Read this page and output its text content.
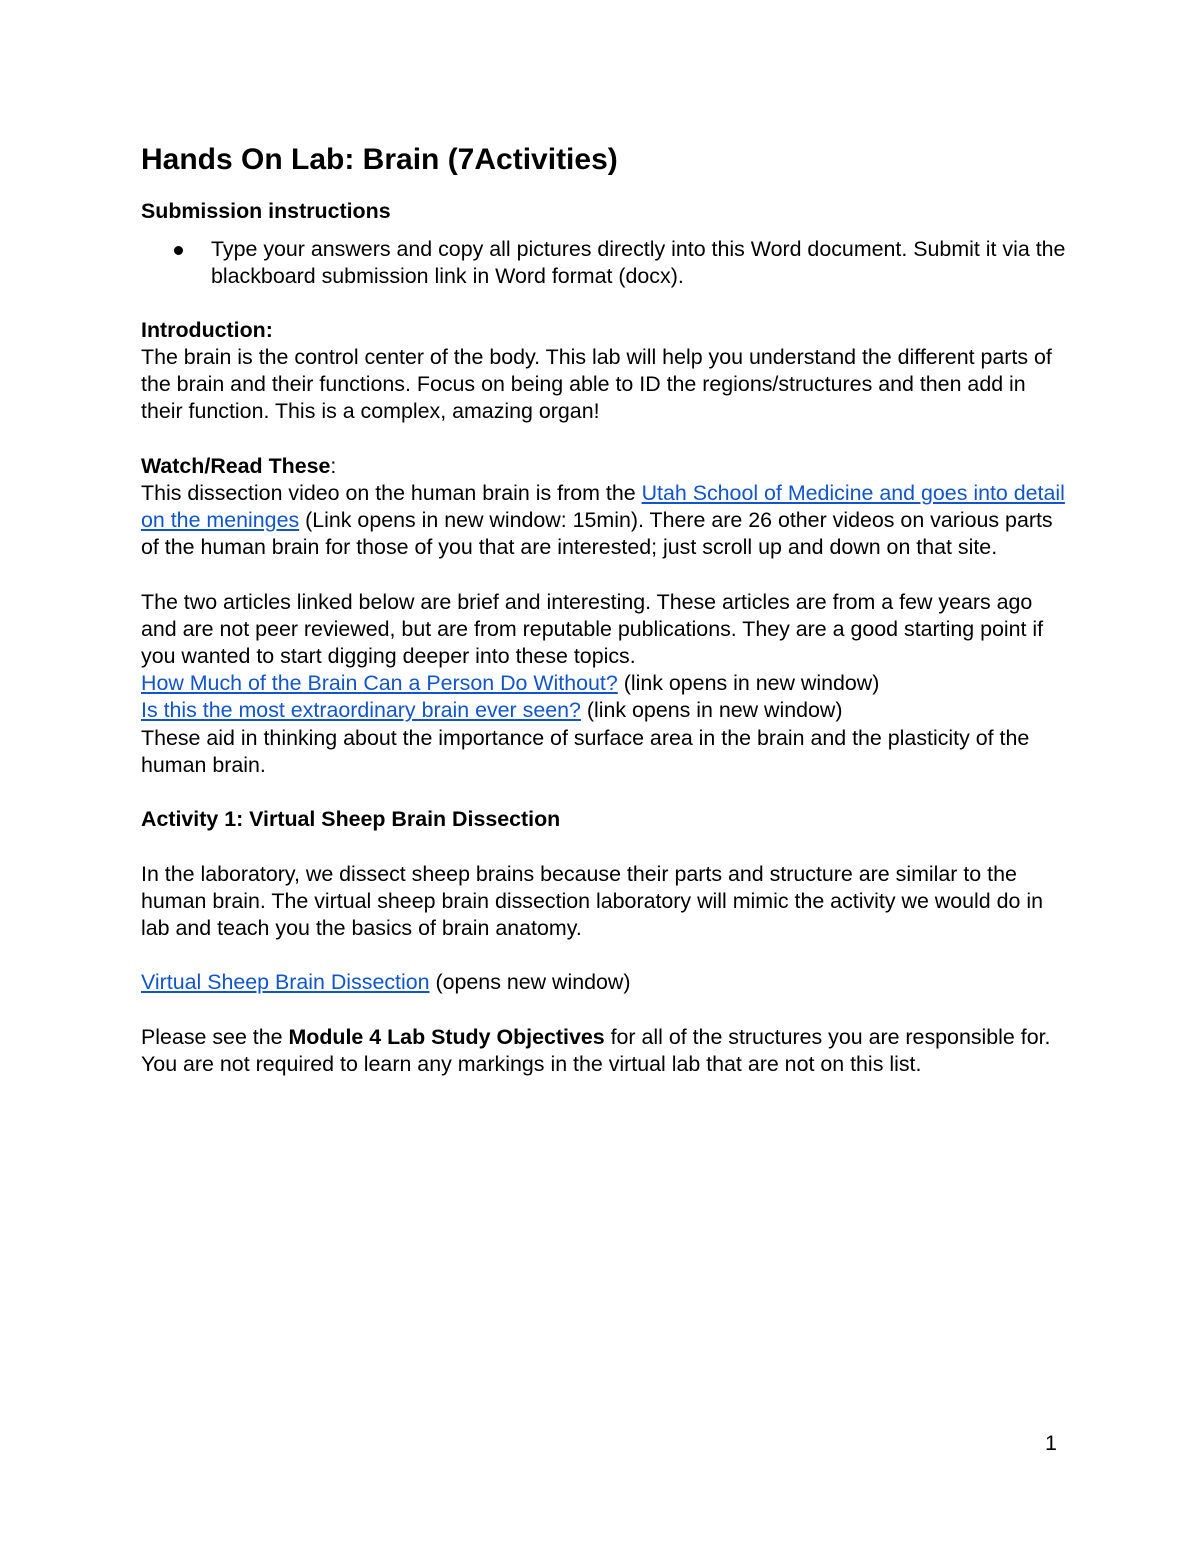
Hands On Lab: Brain (7Activities)

Submission instructions

Type your answers and copy all pictures directly into this Word document. Submit it via the blackboard submission link in Word format (docx).

Introduction:

The brain is the control center of the body. This lab will help you understand the different parts of the brain and their functions. Focus on being able to ID the regions/structures and then add in their function. This is a complex, amazing organ!

Watch/Read These:

This dissection video on the human brain is from the Utah School of Medicine and goes into detail on the meninges (Link opens in new window: 15min). There are 26 other videos on various parts of the human brain for those of you that are interested; just scroll up and down on that site.

The two articles linked below are brief and interesting. These articles are from a few years ago and are not peer reviewed, but are from reputable publications. They are a good starting point if you wanted to start digging deeper into these topics.

How Much of the Brain Can a Person Do Without? (link opens in new window)

Is this the most extraordinary brain ever seen? (link opens in new window)

These aid in thinking about the importance of surface area in the brain and the plasticity of the human brain.

Activity 1: Virtual Sheep Brain Dissection

In the laboratory, we dissect sheep brains because their parts and structure are similar to the human brain. The virtual sheep brain dissection laboratory will mimic the activity we would do in lab and teach you the basics of brain anatomy.

Virtual Sheep Brain Dissection (opens new window)

Please see the Module 4 Lab Study Objectives for all of the structures you are responsible for. You are not required to learn any markings in the virtual lab that are not on this list.

1
